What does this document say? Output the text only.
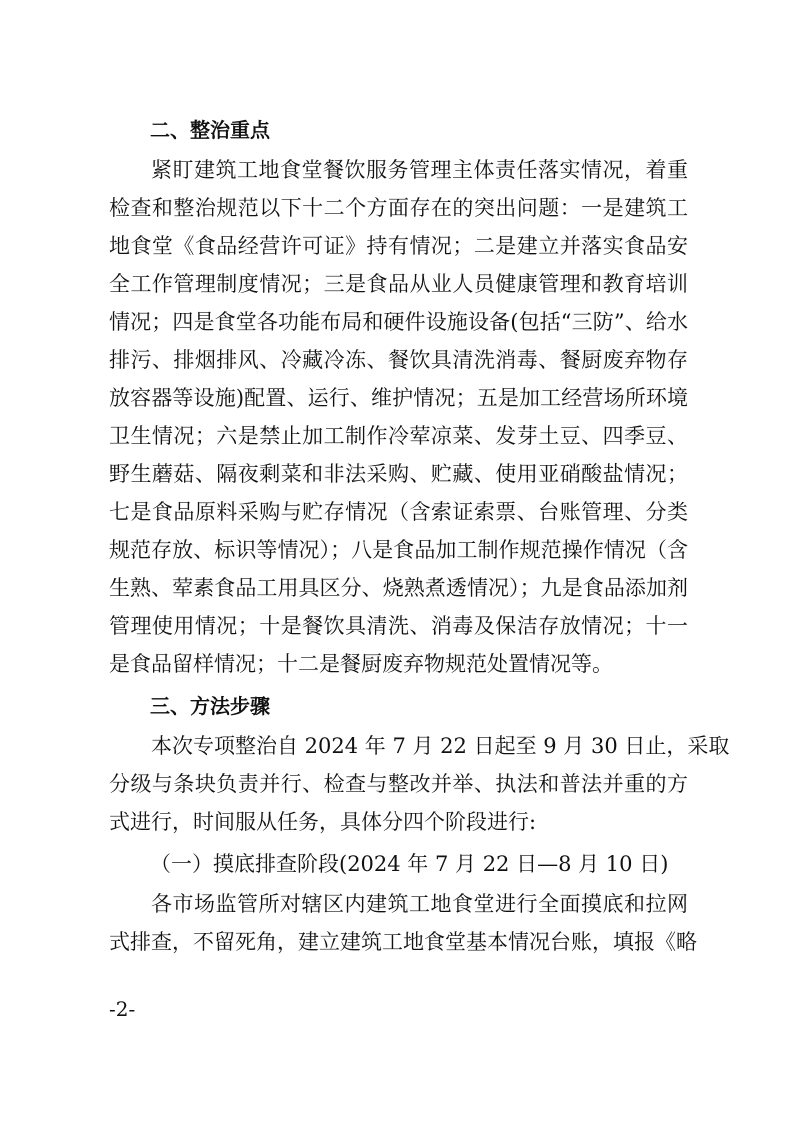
二、整治重点
紧盯建筑工地食堂餐饮服务管理主体责任落实情况，着重
检查和整治规范以下十二个方面存在的突出问题：一是建筑工
地食堂《食品经营许可证》持有情况；二是建立并落实食品安
全工作管理制度情况；三是食品从业人员健康管理和教育培训
情况；四是食堂各功能布局和硬件设施设备(包括“三防”、给水
排污、排烟排风、冷藏冷冻、餐饮具清洗消毒、餐厨废弃物存
放容器等设施)配置、运行、维护情况；五是加工经营场所环境
卫生情况；六是禁止加工制作冷荤凉菜、发芽土豆、四季豆、
野生蘑菇、隔夜剩菜和非法采购、贮藏、使用亚硝酸盐情况；
七是食品原料采购与贮存情况（含索证索票、台账管理、分类
规范存放、标识等情况）；八是食品加工制作规范操作情况（含
生熟、荤素食品工用具区分、烧熟煮透情况）；九是食品添加剂
管理使用情况；十是餐饮具清洗、消毒及保洁存放情况；十一
是食品留样情况；十二是餐厨废弃物规范处置情况等。
三、方法步骤
本次专项整治自 2024 年 7 月 22 日起至 9 月 30 日止，采取
分级与条块负责并行、检查与整改并举、执法和普法并重的方
式进行，时间服从任务，具体分四个阶段进行:
（一）摸底排查阶段(2024 年 7 月 22 日—8 月 10 日)
各市场监管所对辖区内建筑工地食堂进行全面摸底和拉网
式排查，不留死角，建立建筑工地食堂基本情况台账，填报《略
-2-
